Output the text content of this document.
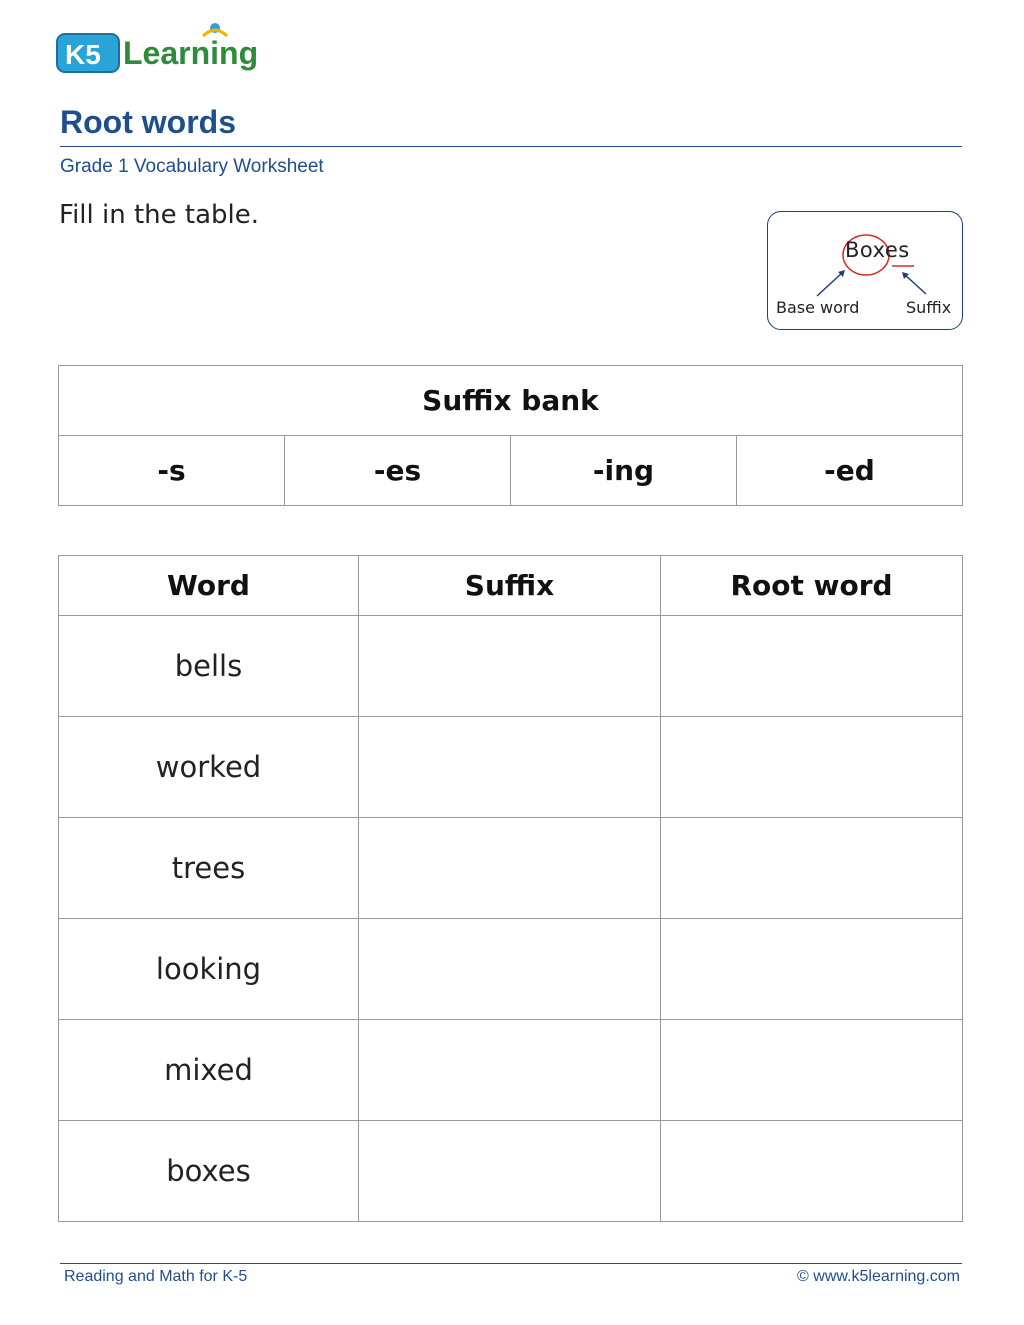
K5 Learning
Root words
Grade 1 Vocabulary Worksheet
Fill in the table.
Boxes
Base word	Suffix
Suffix bank
-s	-es	-ing	-ed
Word	Suffix	Root word
bells		
worked		
trees		
looking		
mixed		
boxes		
Reading and Math for K-5	© www.k5learning.com
